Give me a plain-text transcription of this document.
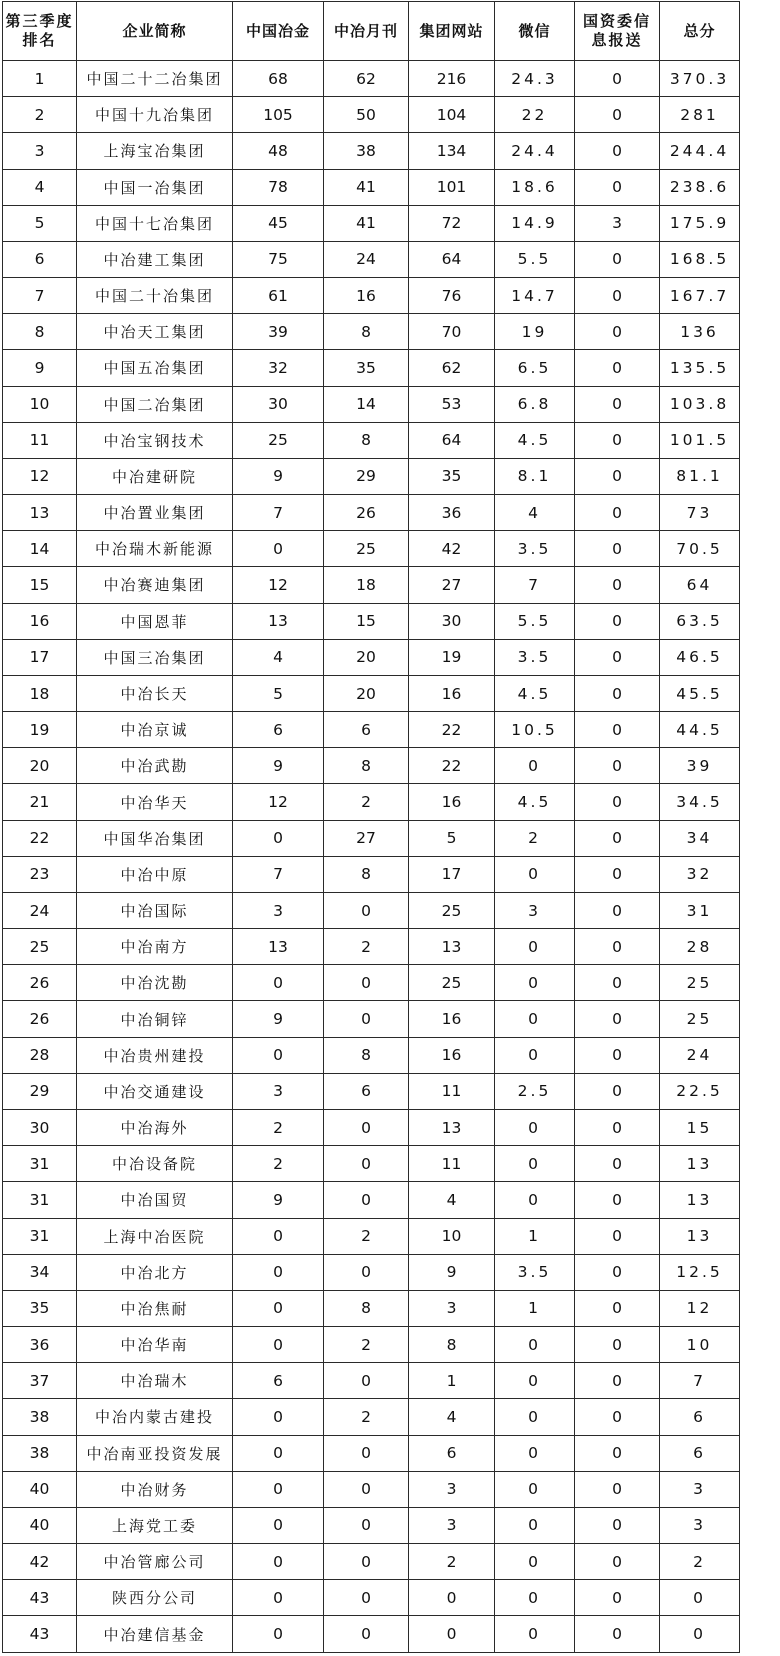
第三季度排名	企业简称	中国冶金	中冶月刊	集团网站	微信	国资委信息报送	总分
1	中国二十二冶集团	68	62	216	24.3	0	370.3
2	中国十九冶集团	105	50	104	22	0	281
3	上海宝冶集团	48	38	134	24.4	0	244.4
4	中国一冶集团	78	41	101	18.6	0	238.6
5	中国十七冶集团	45	41	72	14.9	3	175.9
6	中冶建工集团	75	24	64	5.5	0	168.5
7	中国二十冶集团	61	16	76	14.7	0	167.7
8	中冶天工集团	39	8	70	19	0	136
9	中国五冶集团	32	35	62	6.5	0	135.5
10	中国二冶集团	30	14	53	6.8	0	103.8
11	中冶宝钢技术	25	8	64	4.5	0	101.5
12	中冶建研院	9	29	35	8.1	0	81.1
13	中冶置业集团	7	26	36	4	0	73
14	中冶瑞木新能源	0	25	42	3.5	0	70.5
15	中冶赛迪集团	12	18	27	7	0	64
16	中国恩菲	13	15	30	5.5	0	63.5
17	中国三冶集团	4	20	19	3.5	0	46.5
18	中冶长天	5	20	16	4.5	0	45.5
19	中冶京诚	6	6	22	10.5	0	44.5
20	中冶武勘	9	8	22	0	0	39
21	中冶华天	12	2	16	4.5	0	34.5
22	中国华冶集团	0	27	5	2	0	34
23	中冶中原	7	8	17	0	0	32
24	中冶国际	3	0	25	3	0	31
25	中冶南方	13	2	13	0	0	28
26	中冶沈勘	0	0	25	0	0	25
26	中冶铜锌	9	0	16	0	0	25
28	中冶贵州建投	0	8	16	0	0	24
29	中冶交通建设	3	6	11	2.5	0	22.5
30	中冶海外	2	0	13	0	0	15
31	中冶设备院	2	0	11	0	0	13
31	中冶国贸	9	0	4	0	0	13
31	上海中冶医院	0	2	10	1	0	13
34	中冶北方	0	0	9	3.5	0	12.5
35	中冶焦耐	0	8	3	1	0	12
36	中冶华南	0	2	8	0	0	10
37	中冶瑞木	6	0	1	0	0	7
38	中冶内蒙古建投	0	2	4	0	0	6
38	中冶南亚投资发展	0	0	6	0	0	6
40	中冶财务	0	0	3	0	0	3
40	上海党工委	0	0	3	0	0	3
42	中冶管廊公司	0	0	2	0	0	2
43	陕西分公司	0	0	0	0	0	0
43	中冶建信基金	0	0	0	0	0	0
